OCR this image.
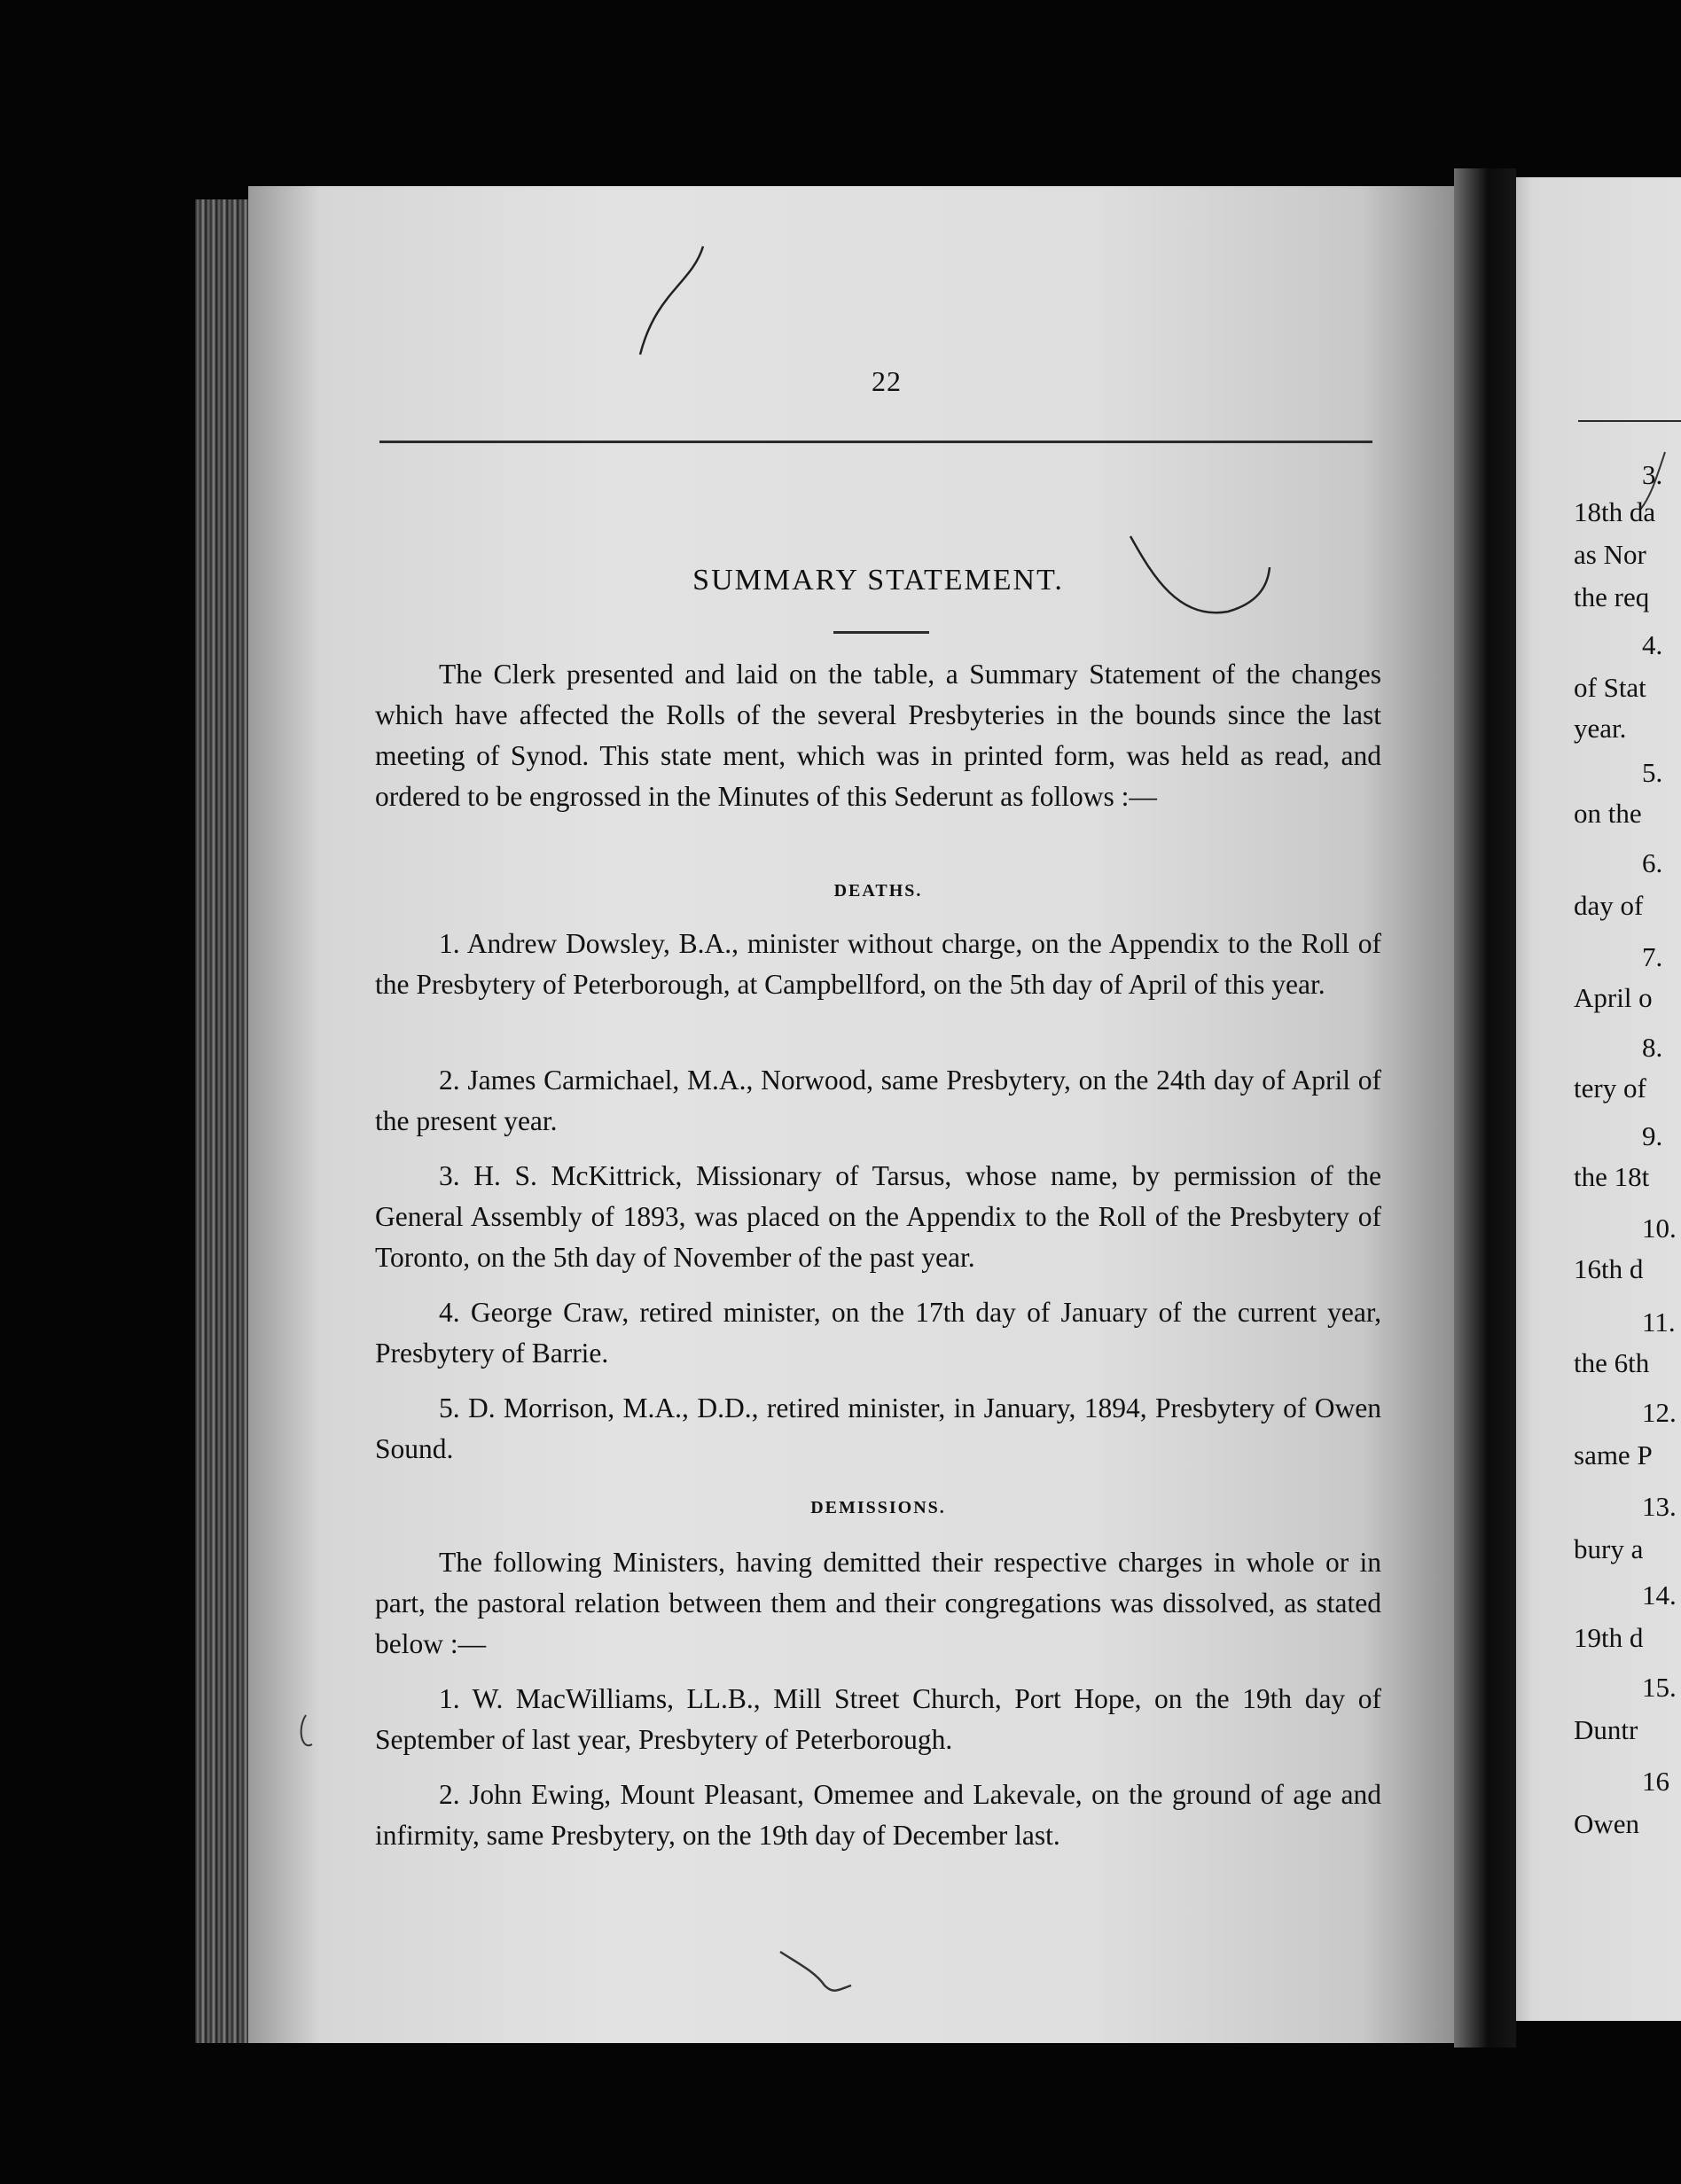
22

SUMMARY STATEMENT.

The Clerk presented and laid on the table, a Summary Statement of the changes which have affected the Rolls of the several Presbyteries in the bounds since the last meeting of Synod. This state ment, which was in printed form, was held as read, and ordered to be engrossed in the Minutes of this Sederunt as follows :—

DEATHS.

1. Andrew Dowsley, B.A., minister without charge, on the Appendix to the Roll of the Presbytery of Peterborough, at Campbellford, on the 5th day of April of this year.

2. James Carmichael, M.A., Norwood, same Presbytery, on the 24th day of April of the present year.

3. H. S. McKittrick, Missionary of Tarsus, whose name, by permission of the General Assembly of 1893, was placed on the Appendix to the Roll of the Presbytery of Toronto, on the 5th day of November of the past year.

4. George Craw, retired minister, on the 17th day of January of the current year, Presbytery of Barrie.

5. D. Morrison, M.A., D.D., retired minister, in January, 1894, Presbytery of Owen Sound.

DEMISSIONS.

The following Ministers, having demitted their respective charges in whole or in part, the pastoral relation between them and their congregations was dissolved, as stated below :—

1. W. MacWilliams, LL.B., Mill Street Church, Port Hope, on the 19th day of September of last year, Presbytery of Peterborough.

2. John Ewing, Mount Pleasant, Omemee and Lakevale, on the ground of age and infirmity, same Presbytery, on the 19th day of December last.

3.
18th da
as Nor
the req
4.
of Stat
year.
5.
on the
6.
day of
7.
April o
8.
tery of
9.
the 18t
10.
16th d
11.
the 6th
12.
same P
13.
bury a
14.
19th d
15.
Duntr
16
Owen
